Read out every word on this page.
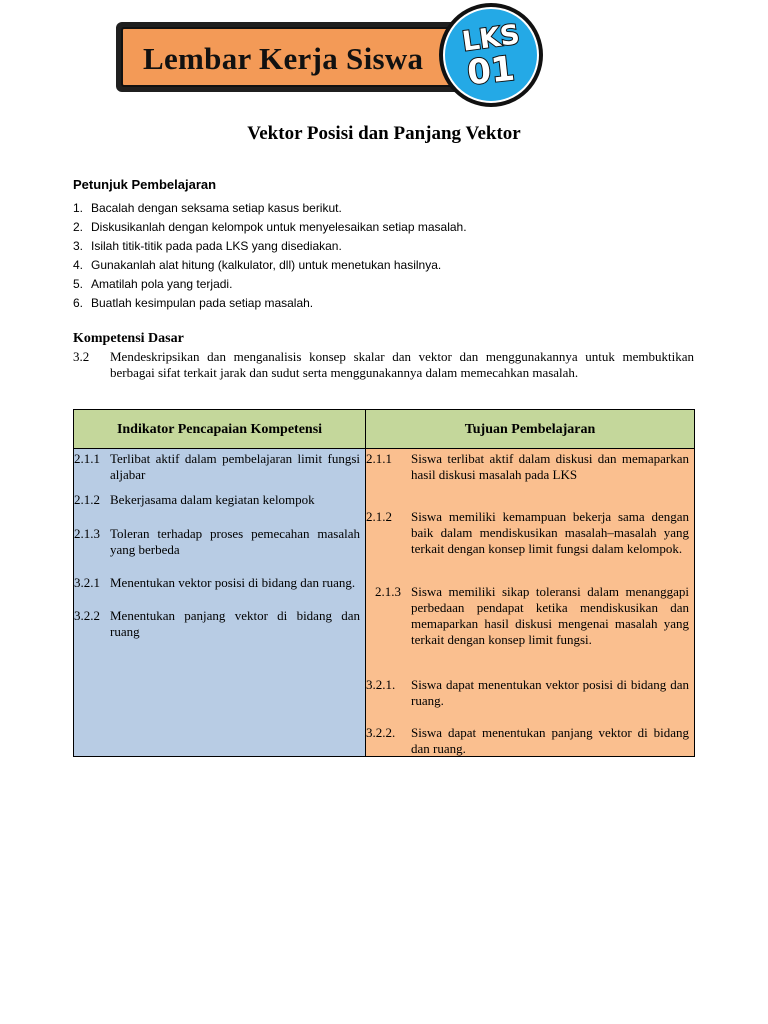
Lembar Kerja Siswa
LKS
01
Vektor Posisi dan Panjang Vektor
Petunjuk Pembelajaran
1. Bacalah dengan seksama setiap kasus berikut.
2. Diskusikanlah dengan kelompok untuk menyelesaikan setiap masalah.
3. Isilah titik-titik pada pada LKS yang disediakan.
4. Gunakanlah alat hitung (kalkulator, dll) untuk menetukan hasilnya.
5. Amatilah pola yang terjadi.
6. Buatlah kesimpulan pada setiap masalah.
Kompetensi Dasar
3.2 Mendeskripsikan dan menganalisis konsep skalar dan vektor dan menggunakannya untuk membuktikan berbagai sifat terkait jarak dan sudut serta menggunakannya dalam memecahkan masalah.
Indikator Pencapaian Kompetensi	Tujuan Pembelajaran
2.1.1 Terlibat aktif dalam pembelajaran limit fungsi aljabar
2.1.2 Bekerjasama dalam kegiatan kelompok
2.1.3 Toleran terhadap proses pemecahan masalah yang berbeda
3.2.1 Menentukan vektor posisi di bidang dan ruang.
3.2.2 Menentukan panjang vektor di bidang dan ruang
2.1.1 Siswa terlibat aktif dalam diskusi dan memaparkan hasil diskusi masalah pada LKS
2.1.2 Siswa memiliki kemampuan bekerja sama dengan baik dalam mendiskusikan masalah–masalah yang terkait dengan konsep limit fungsi dalam kelompok.
2.1.3 Siswa memiliki sikap toleransi dalam menanggapi perbedaan pendapat ketika mendiskusikan dan memaparkan hasil diskusi mengenai masalah yang terkait dengan konsep limit fungsi.
3.2.1. Siswa dapat menentukan vektor posisi di bidang dan ruang.
3.2.2. Siswa dapat menentukan panjang vektor di bidang dan ruang.
